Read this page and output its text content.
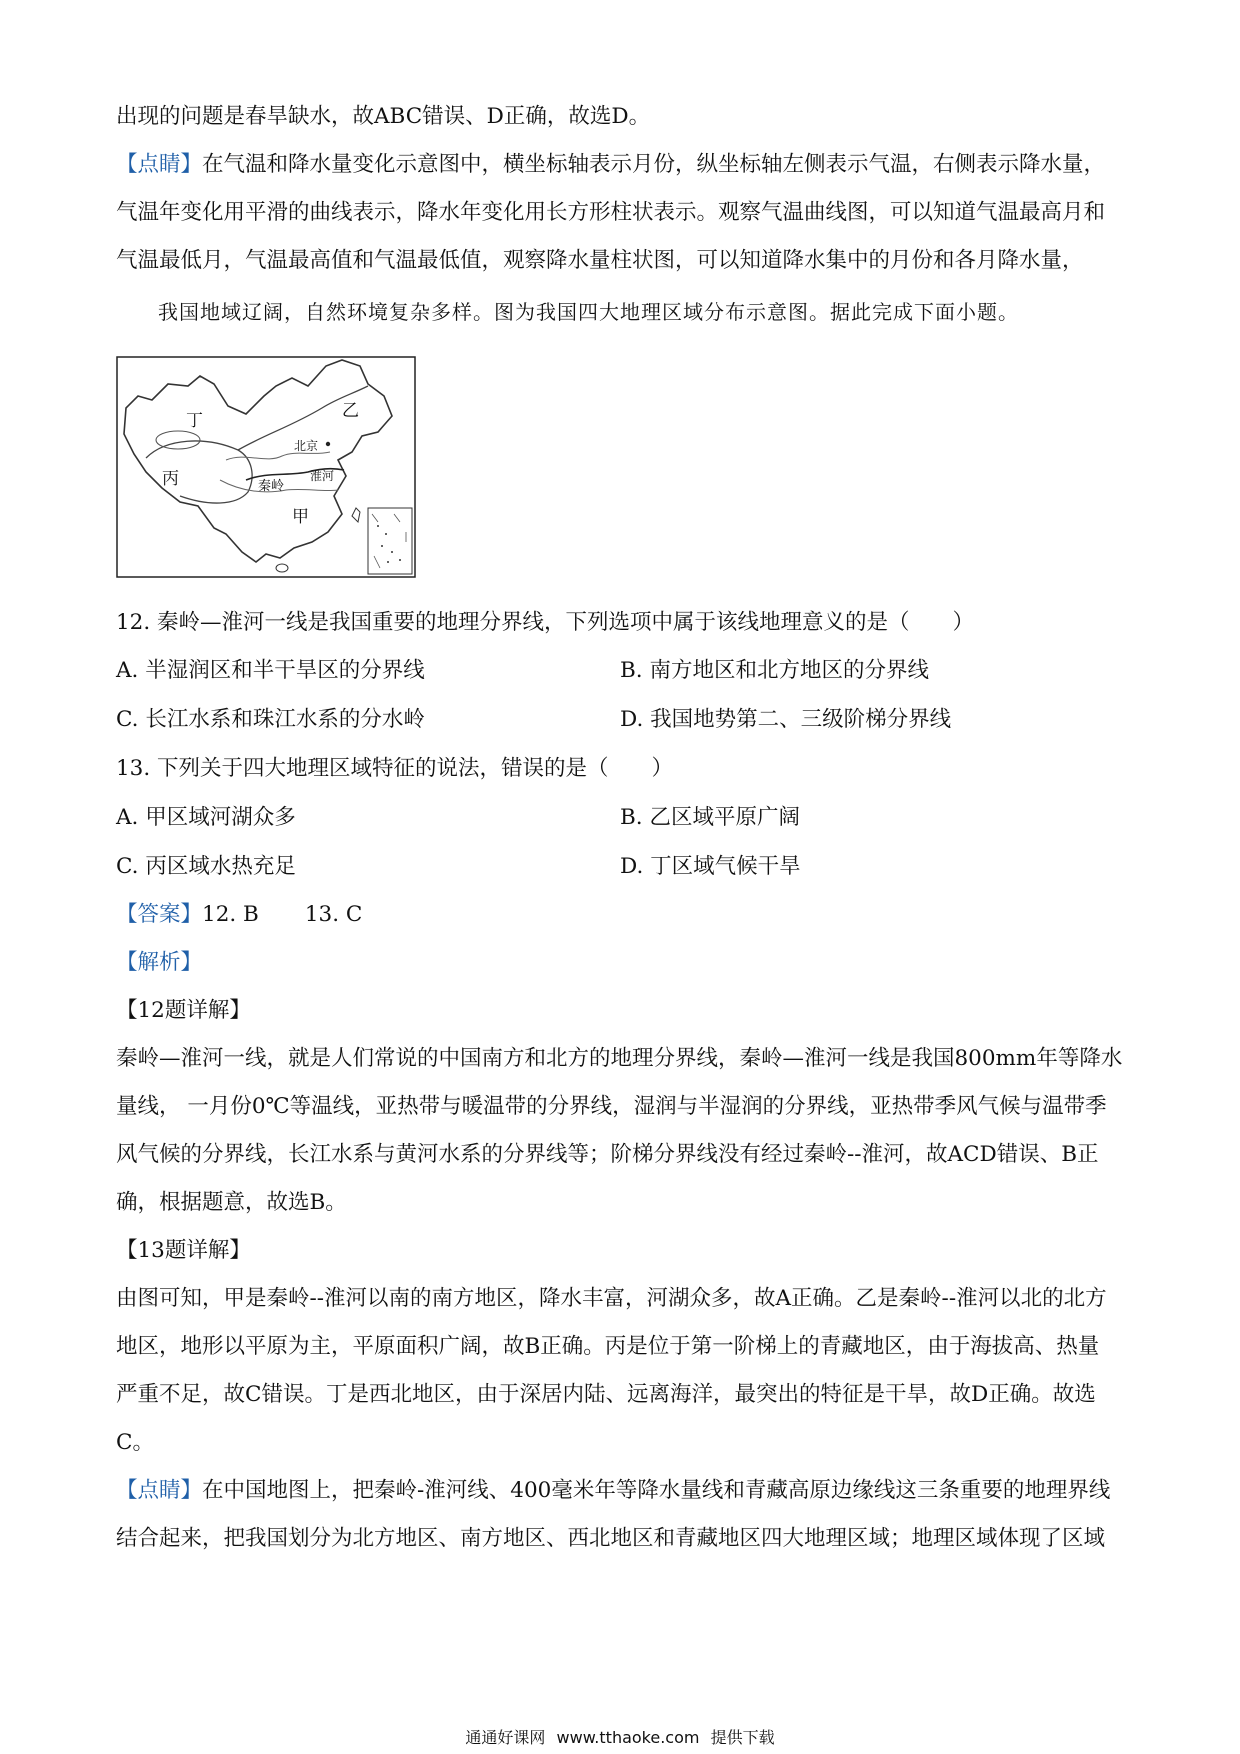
出现的问题是春旱缺水，故ABC错误、D正确，故选D。
【点睛】在气温和降水量变化示意图中，横坐标轴表示月份，纵坐标轴左侧表示气温，右侧表示降水量，
气温年变化用平滑的曲线表示，降水年变化用长方形柱状表示。观察气温曲线图，可以知道气温最高月和
气温最低月，气温最高值和气温最低值，观察降水量柱状图，可以知道降水集中的月份和各月降水量，
我国地域辽阔，自然环境复杂多样。图为我国四大地理区域分布示意图。据此完成下面小题。
丁	乙
丙
甲
北京
秦岭
淮河
12. 秦岭—淮河一线是我国重要的地理分界线，下列选项中属于该线地理意义的是（　　）
A. 半湿润区和半干旱区的分界线	B. 南方地区和北方地区的分界线
C. 长江水系和珠江水系的分水岭	D. 我国地势第二、三级阶梯分界线
13. 下列关于四大地理区域特征的说法，错误的是（　　）
A. 甲区域河湖众多	B. 乙区域平原广阔
C. 丙区域水热充足	D. 丁区域气候干旱
【答案】12. B 13. C
【解析】
【12题详解】
秦岭—淮河一线，就是人们常说的中国南方和北方的地理分界线，秦岭—淮河一线是我国800mm年等降水
量线， 一月份0℃等温线，亚热带与暖温带的分界线，湿润与半湿润的分界线，亚热带季风气候与温带季
风气候的分界线，长江水系与黄河水系的分界线等；阶梯分界线没有经过秦岭--淮河，故ACD错误、B正
确，根据题意，故选B。
【13题详解】
由图可知，甲是秦岭--淮河以南的南方地区，降水丰富，河湖众多，故A正确。乙是秦岭--淮河以北的北方
地区，地形以平原为主，平原面积广阔，故B正确。丙是位于第一阶梯上的青藏地区，由于海拔高、热量
严重不足，故C错误。丁是西北地区，由于深居内陆、远离海洋，最突出的特征是干旱，故D正确。故选
C。
【点睛】在中国地图上，把秦岭-淮河线、400毫米年等降水量线和青藏高原边缘线这三条重要的地理界线
结合起来，把我国划分为北方地区、南方地区、西北地区和青藏地区四大地理区域；地理区域体现了区域
通通好课网 www.tthaoke.com 提供下载
